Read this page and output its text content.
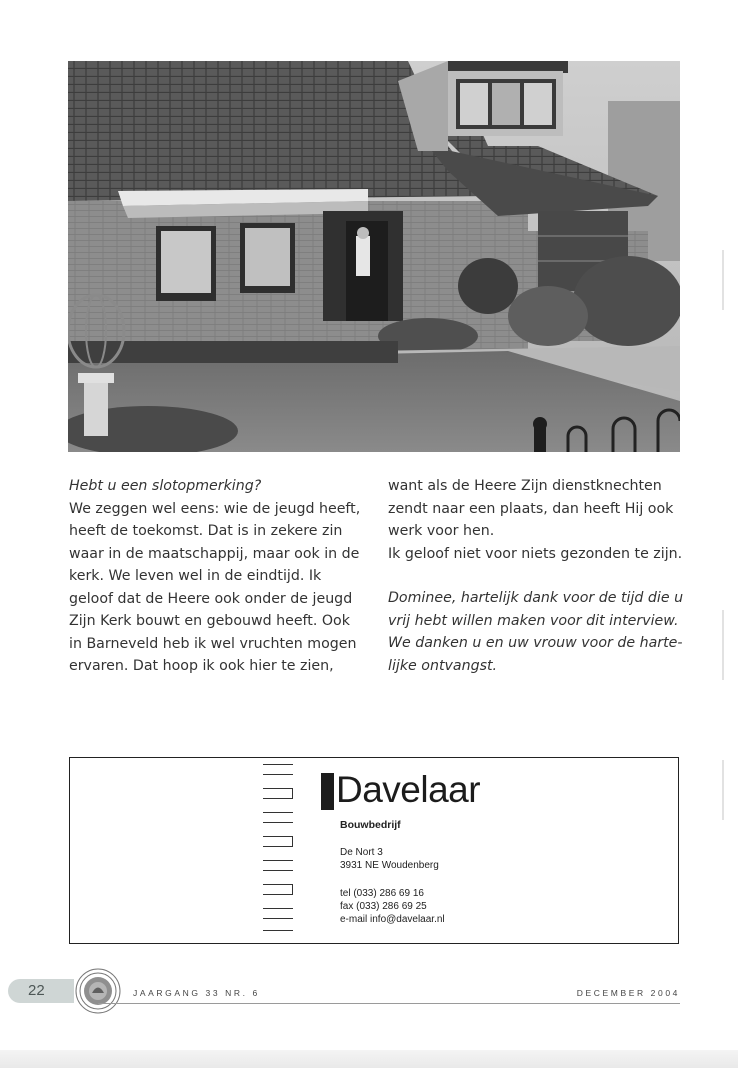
Hebt u een slotopmerking?

We zeggen wel eens: wie de jeugd heeft,

heeft de toekomst. Dat is in zekere zin

waar in de maatschappij, maar ook in de

kerk. We leven wel in de eindtijd. Ik

geloof dat de Heere ook onder de jeugd

Zijn Kerk bouwt en gebouwd heeft. Ook

in Barneveld heb ik wel vruchten mogen

ervaren. Dat hoop ik ook hier te zien,

want als de Heere Zijn dienstknechten

zendt naar een plaats, dan heeft Hij ook

werk voor hen.

Ik geloof niet voor niets gezonden te zijn.

Dominee, hartelijk dank voor de tijd die u

vrij hebt willen maken voor dit interview.

We danken u en uw vrouw voor de harte-

lijke ontvangst.

Davelaar
Bouwbedrijf
De Nort 3
3931 NE Woudenberg
tel (033) 286 69 16
fax (033) 286 69 25
e-mail info@davelaar.nl
22	JAARGANG 33 NR. 6	DECEMBER 2004
